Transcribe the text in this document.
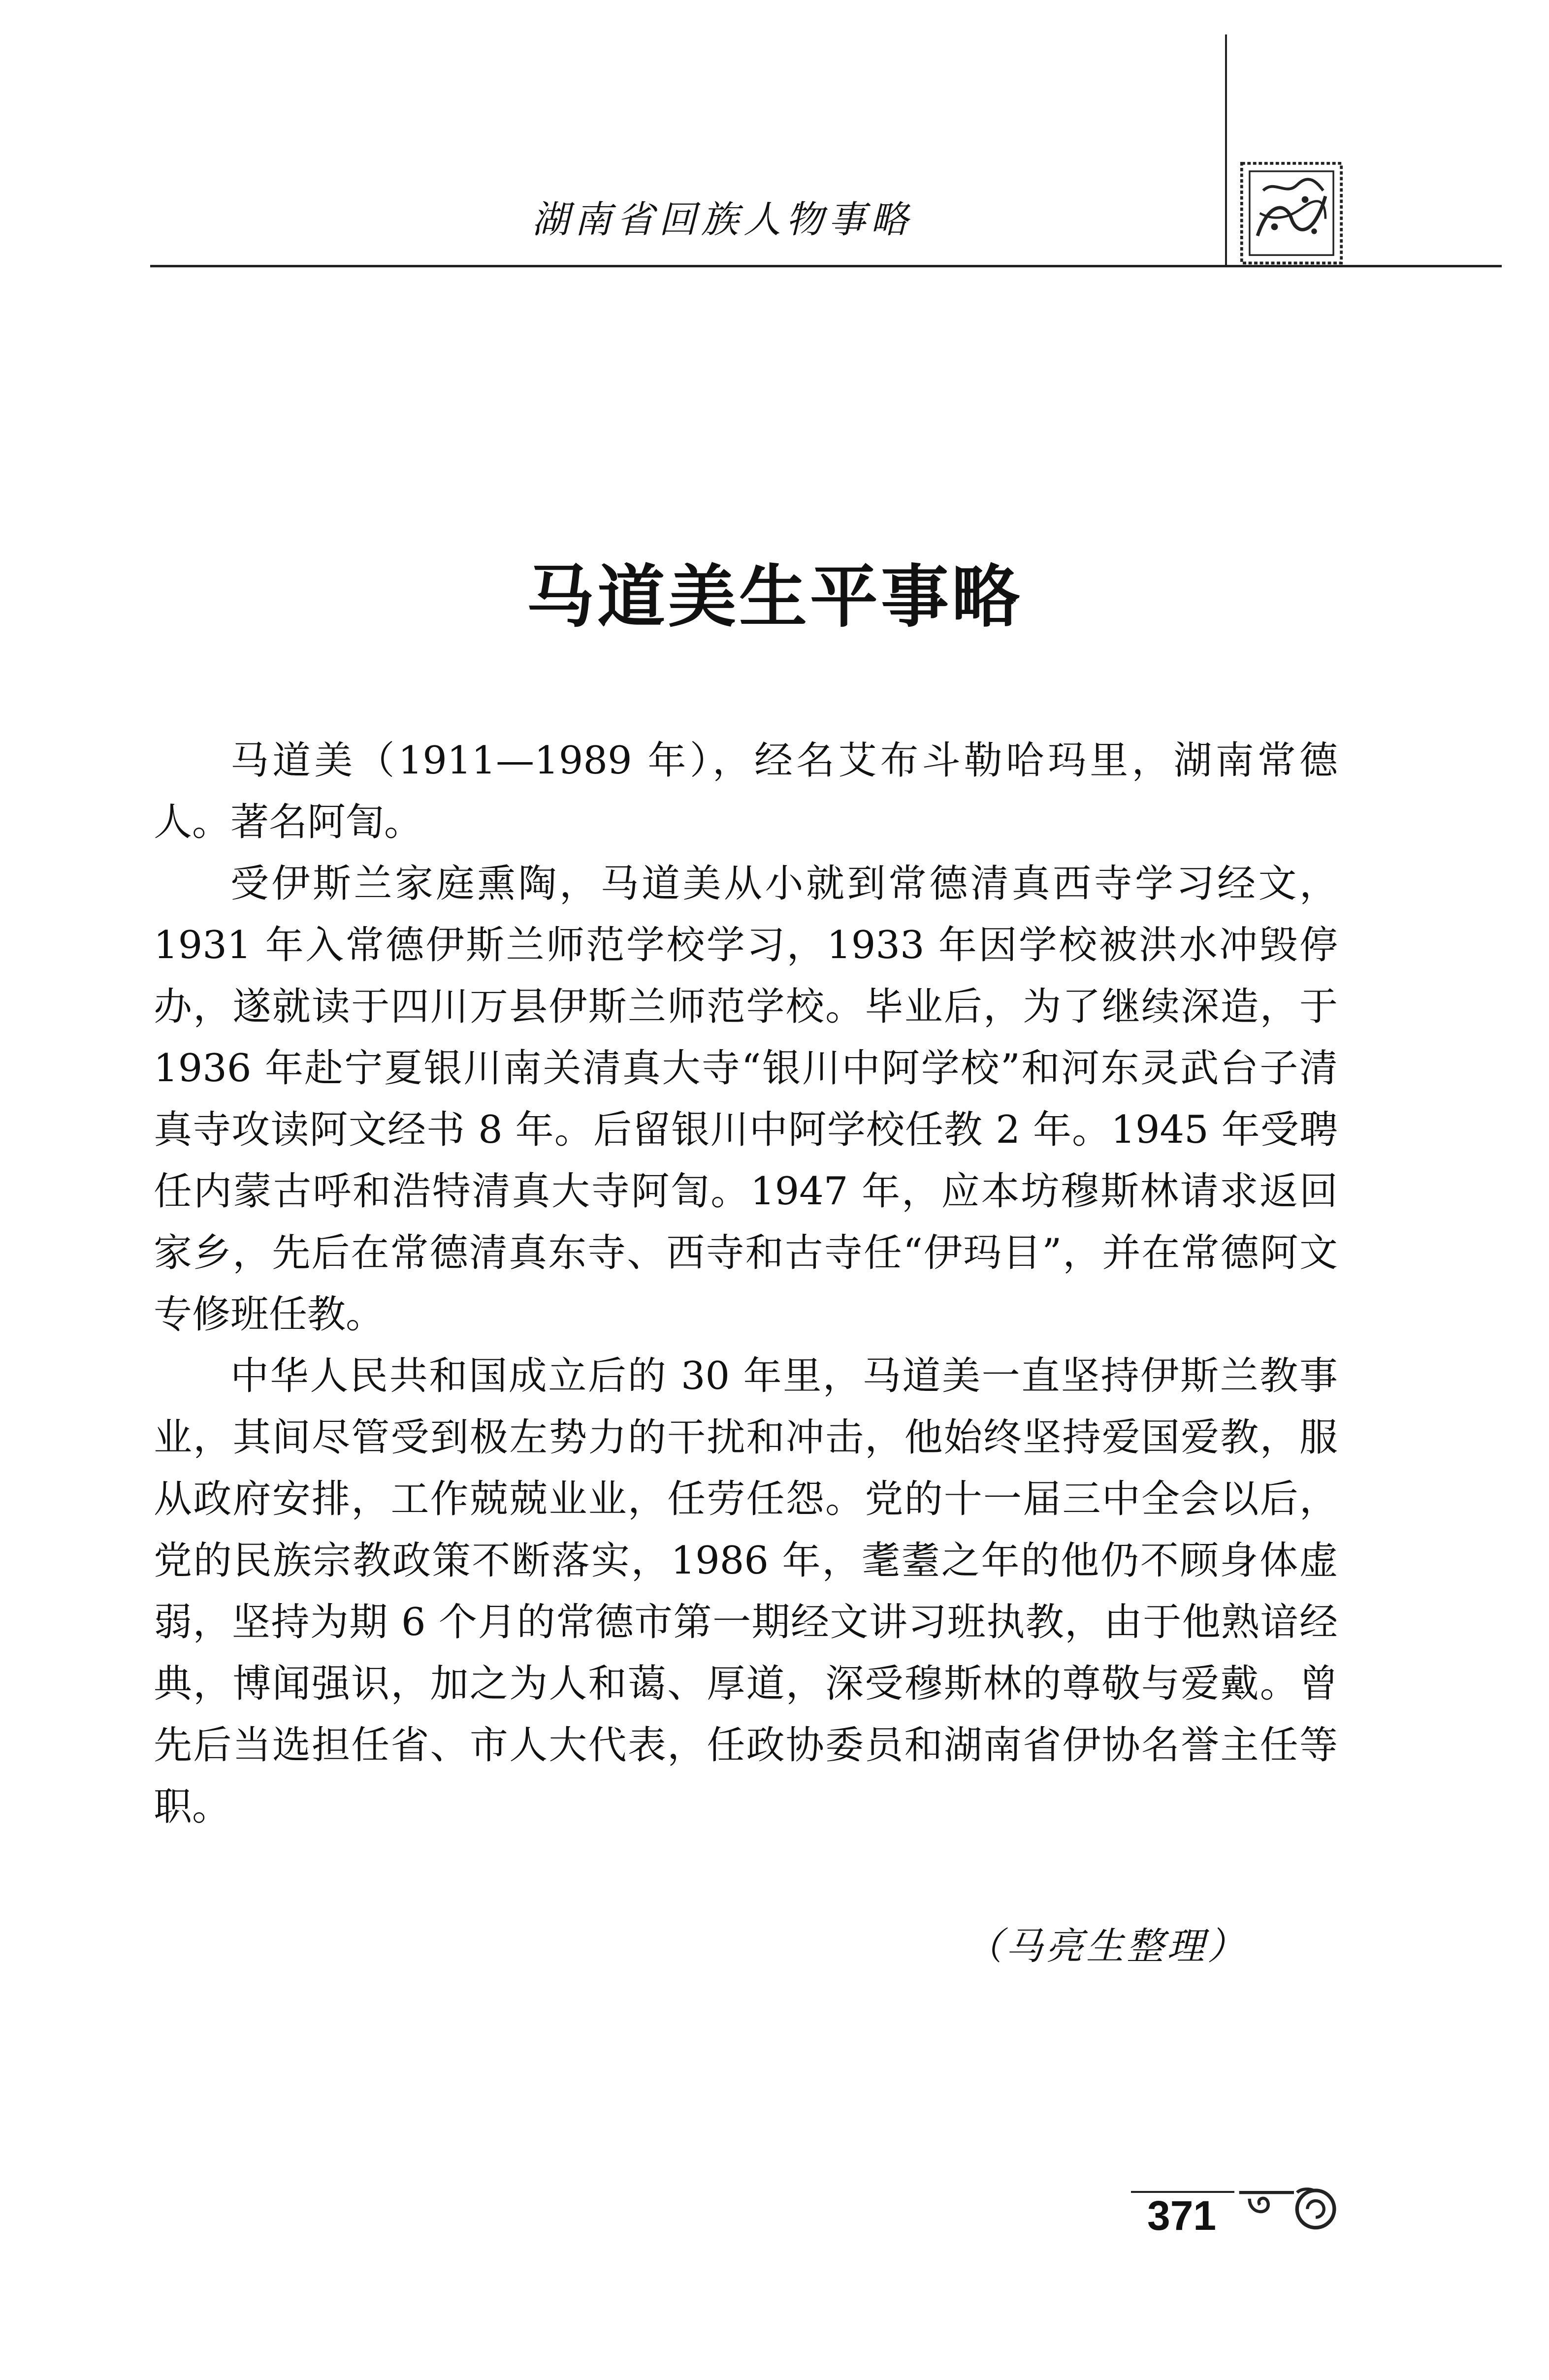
湖南省回族人物事略
马道美生平事略

马道美（1911—1989 年），经名艾布斗勒哈玛里，湖南常德人。著名阿訇。

受伊斯兰家庭熏陶，马道美从小就到常德清真西寺学习经文，1931 年入常德伊斯兰师范学校学习，1933 年因学校被洪水冲毁停办，遂就读于四川万县伊斯兰师范学校。毕业后，为了继续深造，于 1936 年赴宁夏银川南关清真大寺“银川中阿学校”和河东灵武台子清真寺攻读阿文经书 8 年。后留银川中阿学校任教 2 年。1945 年受聘任内蒙古呼和浩特清真大寺阿訇。1947 年，应本坊穆斯林请求返回家乡，先后在常德清真东寺、西寺和古寺任“伊玛目”，并在常德阿文专修班任教。

中华人民共和国成立后的 30 年里，马道美一直坚持伊斯兰教事业，其间尽管受到极左势力的干扰和冲击，他始终坚持爱国爱教，服从政府安排，工作兢兢业业，任劳任怨。党的十一届三中全会以后，党的民族宗教政策不断落实，1986 年，耄耋之年的他仍不顾身体虚弱，坚持为期 6 个月的常德市第一期经文讲习班执教，由于他熟谙经典，博闻强识，加之为人和蔼、厚道，深受穆斯林的尊敬与爱戴。曾先后当选担任省、市人大代表，任政协委员和湖南省伊协名誉主任等职。

（马亮生整理）
371
